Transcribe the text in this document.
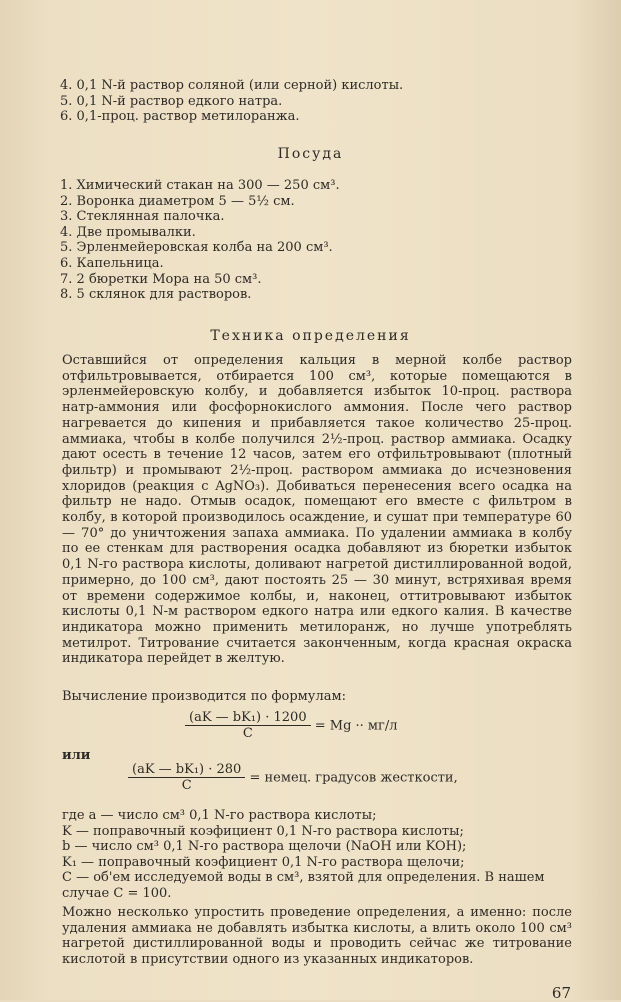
4. 0,1 N-й раствор соляной (или серной) кислоты.
5. 0,1 N-й раствор едкого натра.
6. 0,1-проц. раствор метилоранжа.
Посуда
1. Химический стакан на 300 — 250 см³.
2. Воронка диаметром 5 — 5½ см.
3. Стеклянная палочка.
4. Две промывалки.
5. Эрленмейеровская колба на 200 см³.
6. Капельница.
7. 2 бюретки Мора на 50 см³.
8. 5 склянок для растворов.
Техника определения
Оставшийся от определения кальция в мерной колбе раствор отфильтровывается, отбирается 100 см³, которые помещаются в эрленмейеровскую колбу, и добавляется избыток 10-проц. раствора натр-аммония или фосфорнокислого аммония. После чего раствор нагревается до кипения и прибавляется такое количество 25-проц. аммиака, чтобы в колбе получился 2½-проц. раствор аммиака. Осадку дают осесть в течение 12 часов, затем его отфильтровывают (плотный фильтр) и промывают 2½-проц. раствором аммиака до исчезновения хлоридов (реакция с AgNO₃). Добиваться перенесения всего осадка на фильтр не надо. Отмыв осадок, помещают его вместе с фильтром в колбу, в которой производилось осаждение, и сушат при температуре 60 — 70° до уничтожения запаха аммиака. По удалении аммиака в колбу по ее стенкам для растворения осадка добавляют из бюретки избыток 0,1 N-го раствора кислоты, доливают нагретой дистиллированной водой, примерно, до 100 см³, дают постоять 25 — 30 минут, встряхивая время от времени содержимое колбы, и, наконец, оттитровывают избыток кислоты 0,1 N-м раствором едкого натра или едкого калия. В качестве индикатора можно применить метилоранж, но лучше употреблять метилрот. Титрование считается законченным, когда красная окраска индикатора перейдет в желтую.
Вычисление производится по формулам:
$\frac{\text{(aK — bK₁) · 1200}}{C} = Mg \cdot\cdot мг/л$
или
$\frac{\text{(aK — bK₁) · 280}}{C}$ = немец. градусов жесткости,
где a — число см³ 0,1 N-го раствора кислоты;
K — поправочный коэфициент 0,1 N-го раствора кислоты;
b — число см³ 0,1 N-го раствора щелочи (NaOH или KOH);
K₁ — поправочный коэфициент 0,1 N-го раствора щелочи;
C — об'ем исследуемой воды в см³, взятой для определения. В нашем случае C = 100.
Можно несколько упростить проведение определения, а именно: после удаления аммиака не добавлять избытка кислоты, а влить около 100 см³ нагретой дистиллированной воды и проводить сейчас же титрование кислотой в присутствии одного из указанных индикаторов.
67
